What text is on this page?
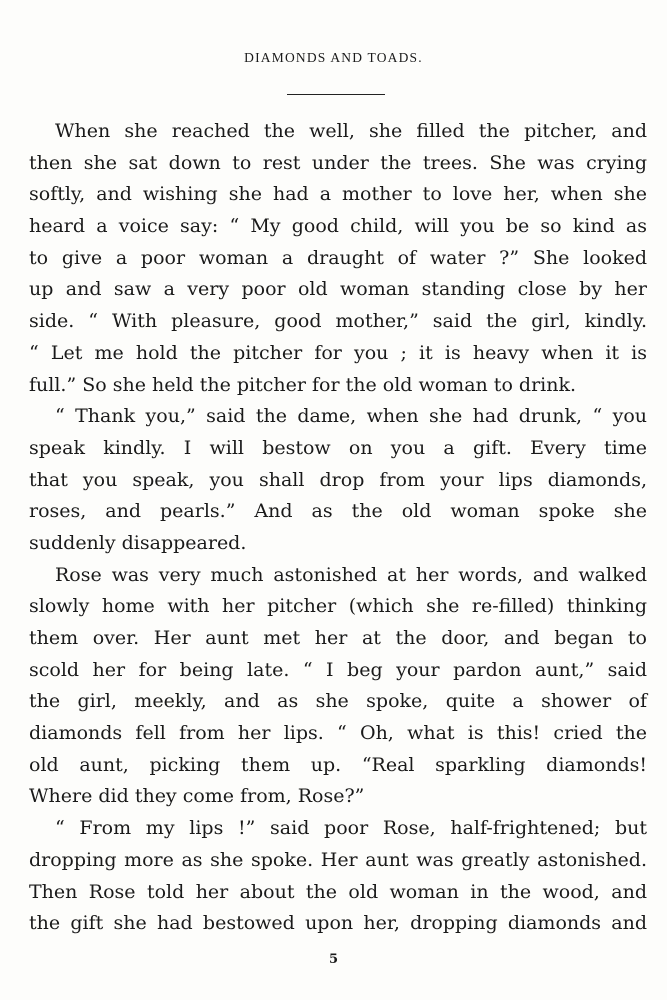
DIAMONDS AND TOADS.
When she reached the well, she filled the pitcher, and
then she sat down to rest under the trees. She was crying
softly, and wishing she had a mother to love her, when she
heard a voice say: “ My good child, will you be so kind as
to give a poor woman a draught of water ?” She looked
up and saw a very poor old woman standing close by her
side. “ With pleasure, good mother,” said the girl, kindly.
“ Let me hold the pitcher for you ; it is heavy when it is
full.” So she held the pitcher for the old woman to drink.
“ Thank you,” said the dame, when she had drunk, “ you
speak kindly. I will bestow on you a gift. Every time
that you speak, you shall drop from your lips diamonds,
roses, and pearls.” And as the old woman spoke she
suddenly disappeared.
Rose was very much astonished at her words, and walked
slowly home with her pitcher (which she re-filled) thinking
them over. Her aunt met her at the door, and began to
scold her for being late. “ I beg your pardon aunt,” said
the girl, meekly, and as she spoke, quite a shower of
diamonds fell from her lips. “ Oh, what is this! cried the
old aunt, picking them up. “Real sparkling diamonds!
Where did they come from, Rose?”
“ From my lips !” said poor Rose, half-frightened; but
dropping more as she spoke. Her aunt was greatly astonished.
Then Rose told her about the old woman in the wood, and
the gift she had bestowed upon her, dropping diamonds and
5
